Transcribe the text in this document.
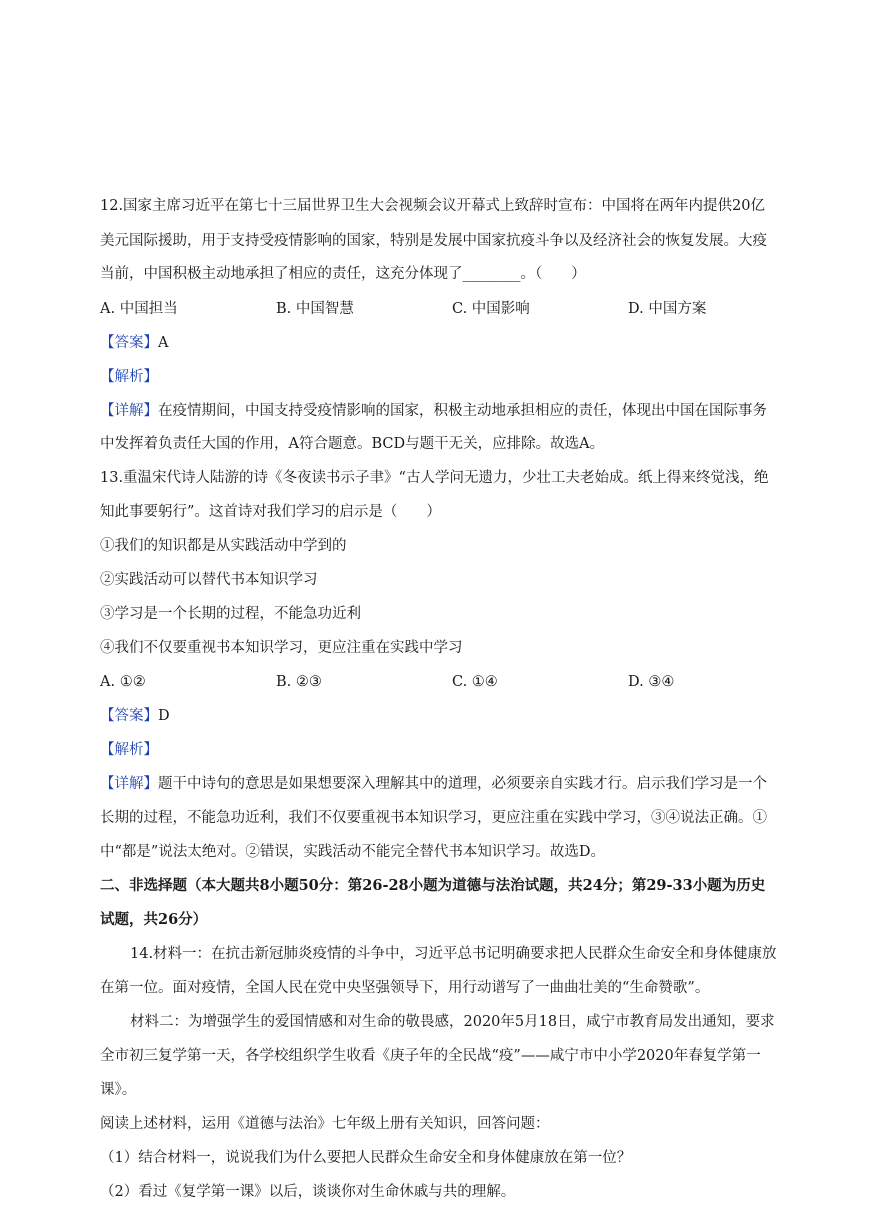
12.国家主席习近平在第七十三届世界卫生大会视频会议开幕式上致辞时宣布：中国将在两年内提供20亿
美元国际援助，用于支持受疫情影响的国家，特别是发展中国家抗疫斗争以及经济社会的恢复发展。大疫
当前，中国积极主动地承担了相应的责任，这充分体现了________。（　　）
A. 中国担当	B. 中国智慧	C. 中国影响	D. 中国方案
【答案】A
【解析】
【详解】在疫情期间，中国支持受疫情影响的国家，积极主动地承担相应的责任，体现出中国在国际事务
中发挥着负责任大国的作用，A符合题意。BCD与题干无关，应排除。故选A。
13.重温宋代诗人陆游的诗《冬夜读书示子聿》“古人学问无遗力，少壮工夫老始成。纸上得来终觉浅，绝
知此事要躬行”。这首诗对我们学习的启示是（　　）
①我们的知识都是从实践活动中学到的
②实践活动可以替代书本知识学习
③学习是一个长期的过程，不能急功近利
④我们不仅要重视书本知识学习，更应注重在实践中学习
A. ①②	B. ②③	C. ①④	D. ③④
【答案】D
【解析】
【详解】题干中诗句的意思是如果想要深入理解其中的道理，必须要亲自实践才行。启示我们学习是一个
长期的过程，不能急功近利，我们不仅要重视书本知识学习，更应注重在实践中学习，③④说法正确。①
中“都是”说法太绝对。②错误，实践活动不能完全替代书本知识学习。故选D。
二、非选择题（本大题共8小题50分：第26-28小题为道德与法治试题，共24分；第29-33小题为历史
试题，共26分）
14.材料一：在抗击新冠肺炎疫情的斗争中，习近平总书记明确要求把人民群众生命安全和身体健康放
在第一位。面对疫情，全国人民在党中央坚强领导下，用行动谱写了一曲曲壮美的“生命赞歌”。
材料二：为增强学生的爱国情感和对生命的敬畏感，2020年5月18日，咸宁市教育局发出通知，要求
全市初三复学第一天，各学校组织学生收看《庚子年的全民战“疫”——咸宁市中小学2020年春复学第一
课》。
阅读上述材料，运用《道德与法治》七年级上册有关知识，回答问题：
（1）结合材料一，说说我们为什么要把人民群众生命安全和身体健康放在第一位？
（2）看过《复学第一课》以后，谈谈你对生命休戚与共的理解。
